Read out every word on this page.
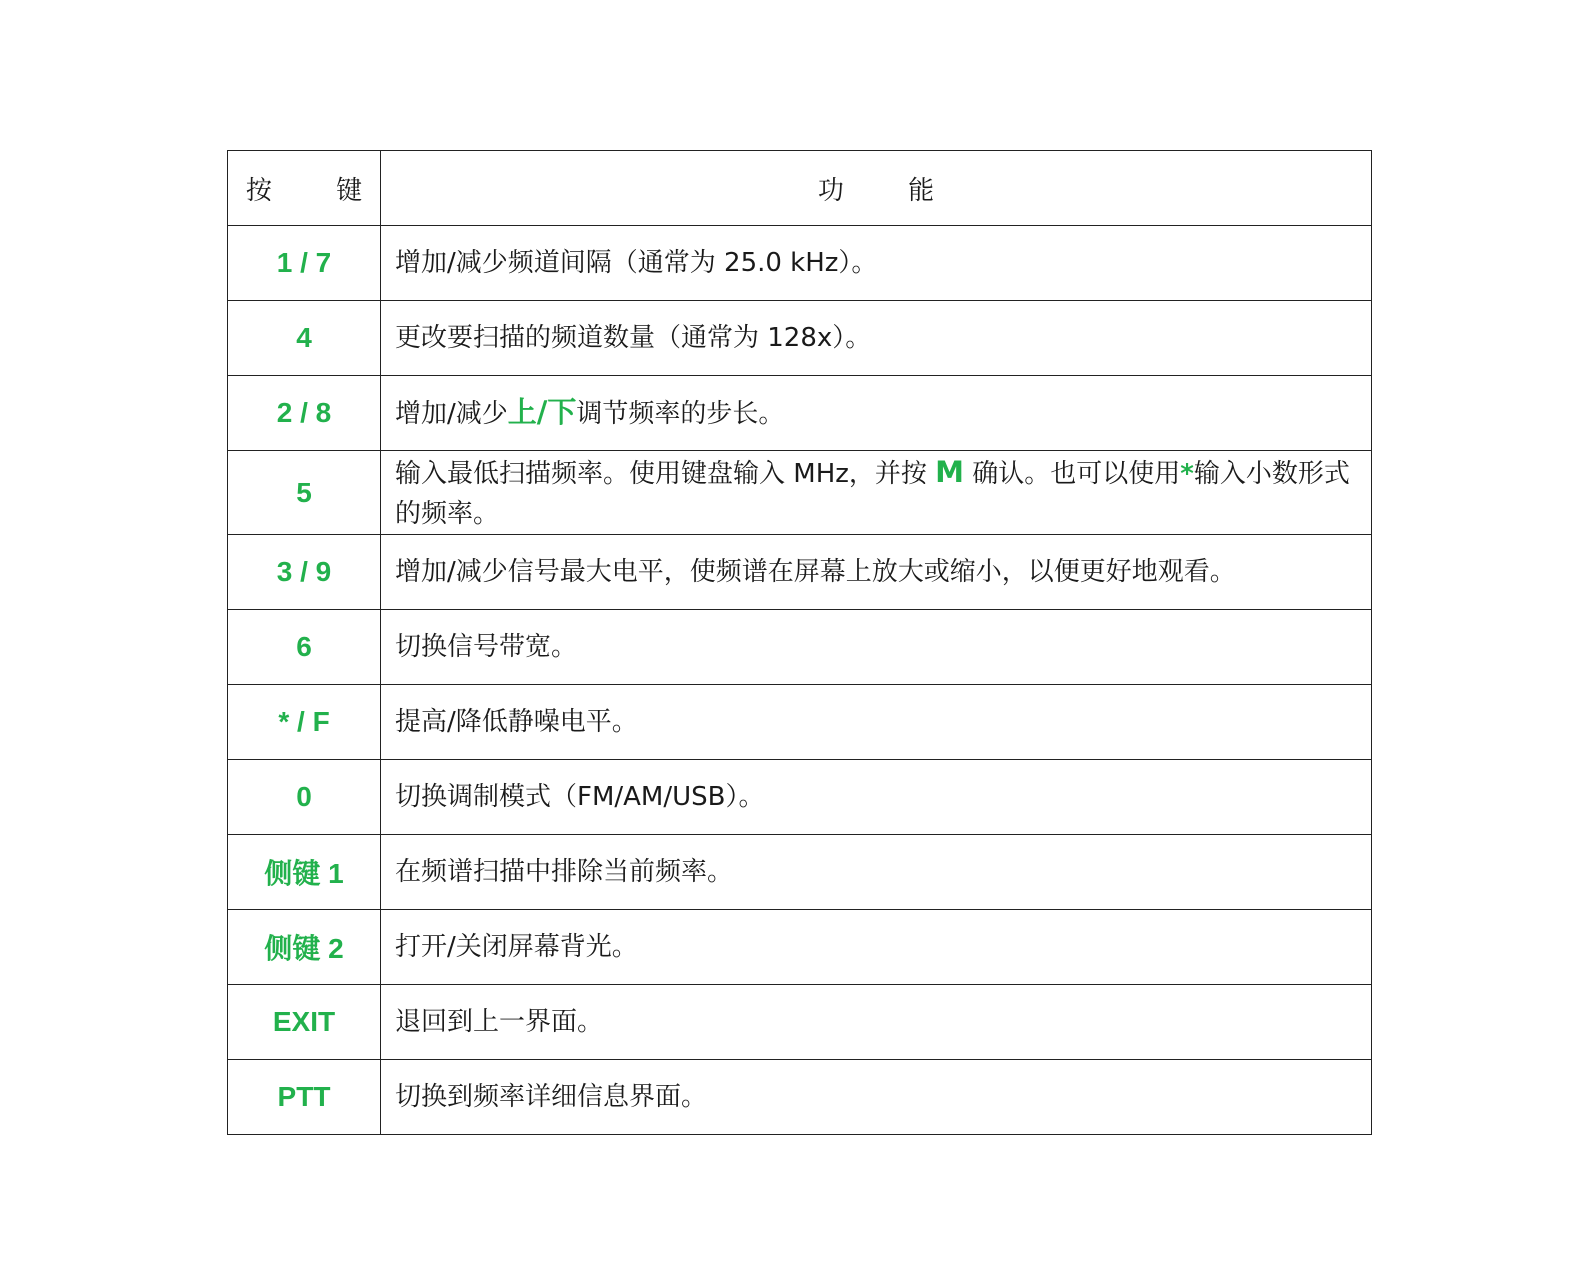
按 键	功 能
1 / 7	增加/减少频道间隔（通常为 25.0 kHz）。
4	更改要扫描的频道数量（通常为 128x）。
2 / 8	增加/减少上/下调节频率的步长。
5	输入最低扫描频率。使用键盘输入 MHz，并按 M 确认。也可以使用*输入小数形式的频率。
3 / 9	增加/减少信号最大电平，使频谱在屏幕上放大或缩小，以便更好地观看。
6	切换信号带宽。
* / F	提高/降低静噪电平。
0	切换调制模式（FM/AM/USB）。
侧键 1	在频谱扫描中排除当前频率。
侧键 2	打开/关闭屏幕背光。
EXIT	退回到上一界面。
PTT	切换到频率详细信息界面。
